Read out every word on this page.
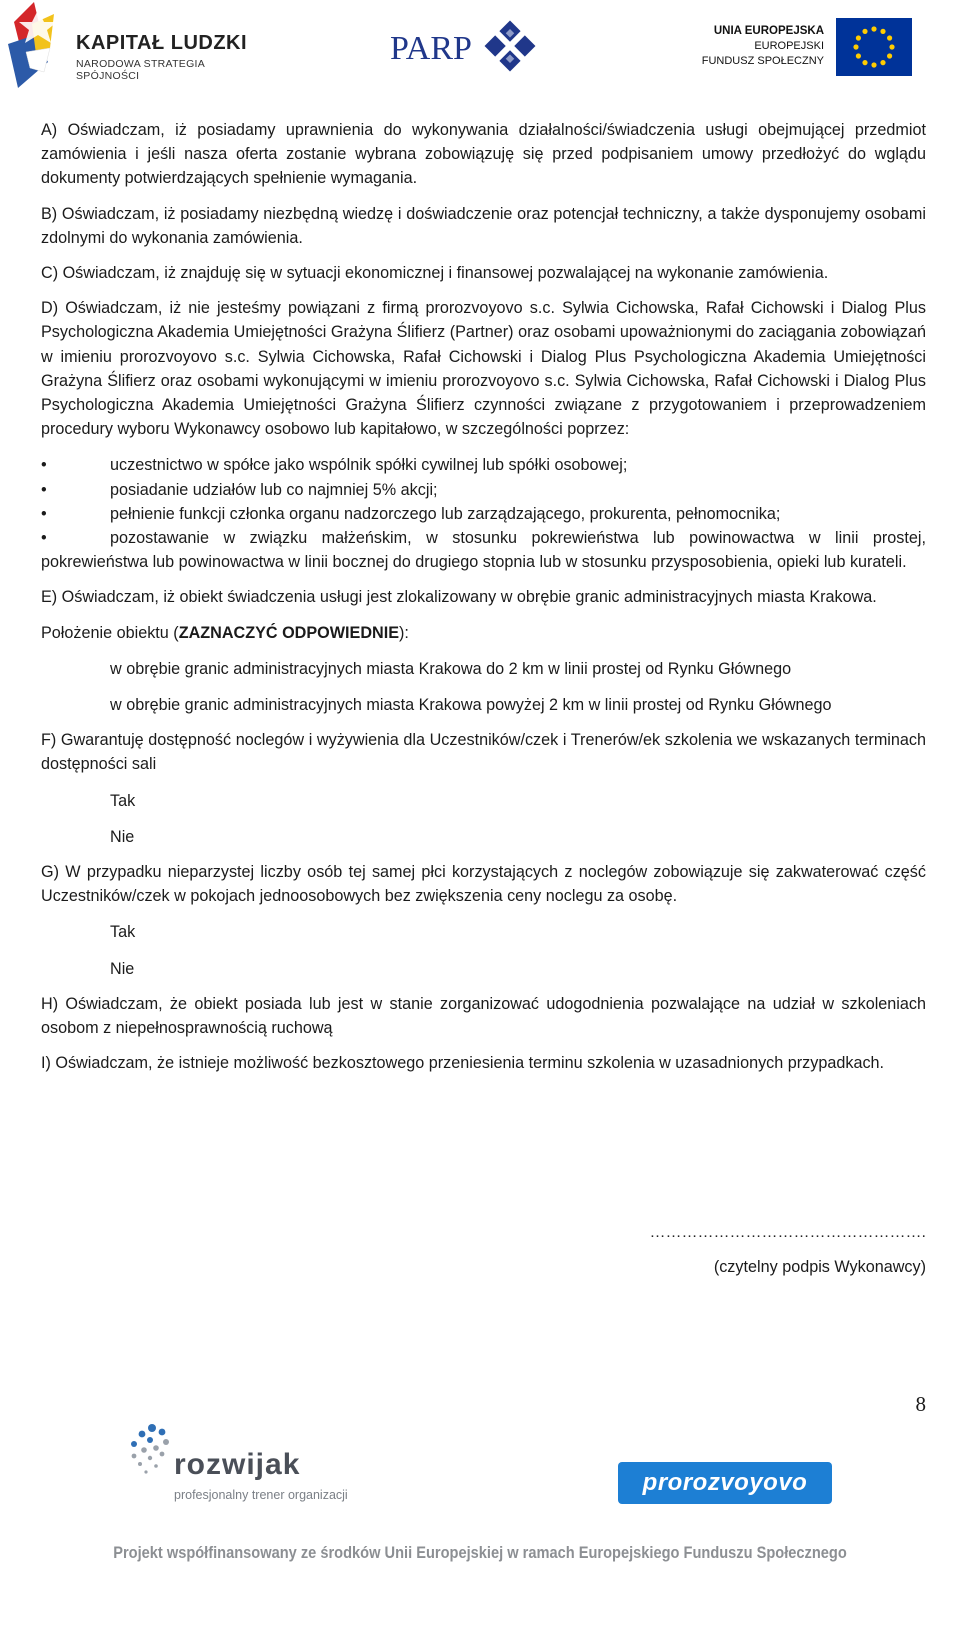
KAPITAŁ LUDZKI
NARODOWA STRATEGIA SPÓJNOŚCI
PARP	UNIA EUROPEJSKA
EUROPEJSKI
FUNDUSZ SPOŁECZNY

A) Oświadczam, iż posiadamy uprawnienia do wykonywania działalności/świadczenia usługi obejmującej przedmiot zamówienia i jeśli nasza oferta zostanie wybrana zobowiązuję się przed podpisaniem umowy przedłożyć do wglądu dokumenty potwierdzających spełnienie wymagania.

B) Oświadczam, iż posiadamy niezbędną wiedzę i doświadczenie oraz potencjał techniczny, a także dysponujemy osobami zdolnymi do wykonania zamówienia.

C) Oświadczam, iż znajduję się w sytuacji ekonomicznej i finansowej pozwalającej na wykonanie zamówienia.

D) Oświadczam, iż nie jesteśmy powiązani z firmą prorozvoyovo s.c. Sylwia Cichowska, Rafał Cichowski i Dialog Plus Psychologiczna Akademia Umiejętności Grażyna Ślifierz (Partner) oraz osobami upoważnionymi do zaciągania zobowiązań w imieniu prorozvoyovo s.c. Sylwia Cichowska, Rafał Cichowski i Dialog Plus Psychologiczna Akademia Umiejętności Grażyna Ślifierz oraz osobami wykonującymi w imieniu prorozvoyovo s.c. Sylwia Cichowska, Rafał Cichowski i Dialog Plus Psychologiczna Akademia Umiejętności Grażyna Ślifierz czynności związane z przygotowaniem i przeprowadzeniem procedury wyboru Wykonawcy osobowo lub kapitałowo, w szczególności poprzez:

•	uczestnictwo w spółce jako wspólnik spółki cywilnej lub spółki osobowej;
•	posiadanie udziałów lub co najmniej 5% akcji;
•	pełnienie funkcji członka organu nadzorczego lub zarządzającego, prokurenta, pełnomocnika;
•	pozostawanie w związku małżeńskim, w stosunku pokrewieństwa lub powinowactwa w linii prostej, pokrewieństwa lub powinowactwa w linii bocznej do drugiego stopnia lub w stosunku przysposobienia, opieki lub kurateli.

E) Oświadczam, iż obiekt świadczenia usługi jest zlokalizowany w obrębie granic administracyjnych miasta Krakowa.

Położenie obiektu (ZAZNACZYĆ ODPOWIEDNIE):

w obrębie granic administracyjnych miasta Krakowa do 2 km w linii prostej od Rynku Głównego
w obrębie granic administracyjnych miasta Krakowa powyżej 2 km w linii prostej od Rynku Głównego

F) Gwarantuję dostępność noclegów i wyżywienia dla Uczestników/czek i Trenerów/ek szkolenia we wskazanych terminach dostępności sali

Tak
Nie

G) W przypadku nieparzystej liczby osób tej samej płci korzystających z noclegów zobowiązuje się zakwaterować część Uczestników/czek w pokojach jednoosobowych bez zwiększenia ceny noclegu za osobę.

Tak
Nie

H) Oświadczam, że obiekt posiada lub jest w stanie zorganizować udogodnienia pozwalające na udział w szkoleniach osobom z niepełnosprawnością ruchową

I) Oświadczam, że istnieje możliwość bezkosztowego przeniesienia terminu szkolenia w uzasadnionych przypadkach.

…………………………………………….
(czytelny podpis Wykonawcy)
8
rozwijak
profesjonalny trener organizacji	prorozvoyovo
Projekt współfinansowany ze środków Unii Europejskiej w ramach Europejskiego Funduszu Społecznego
